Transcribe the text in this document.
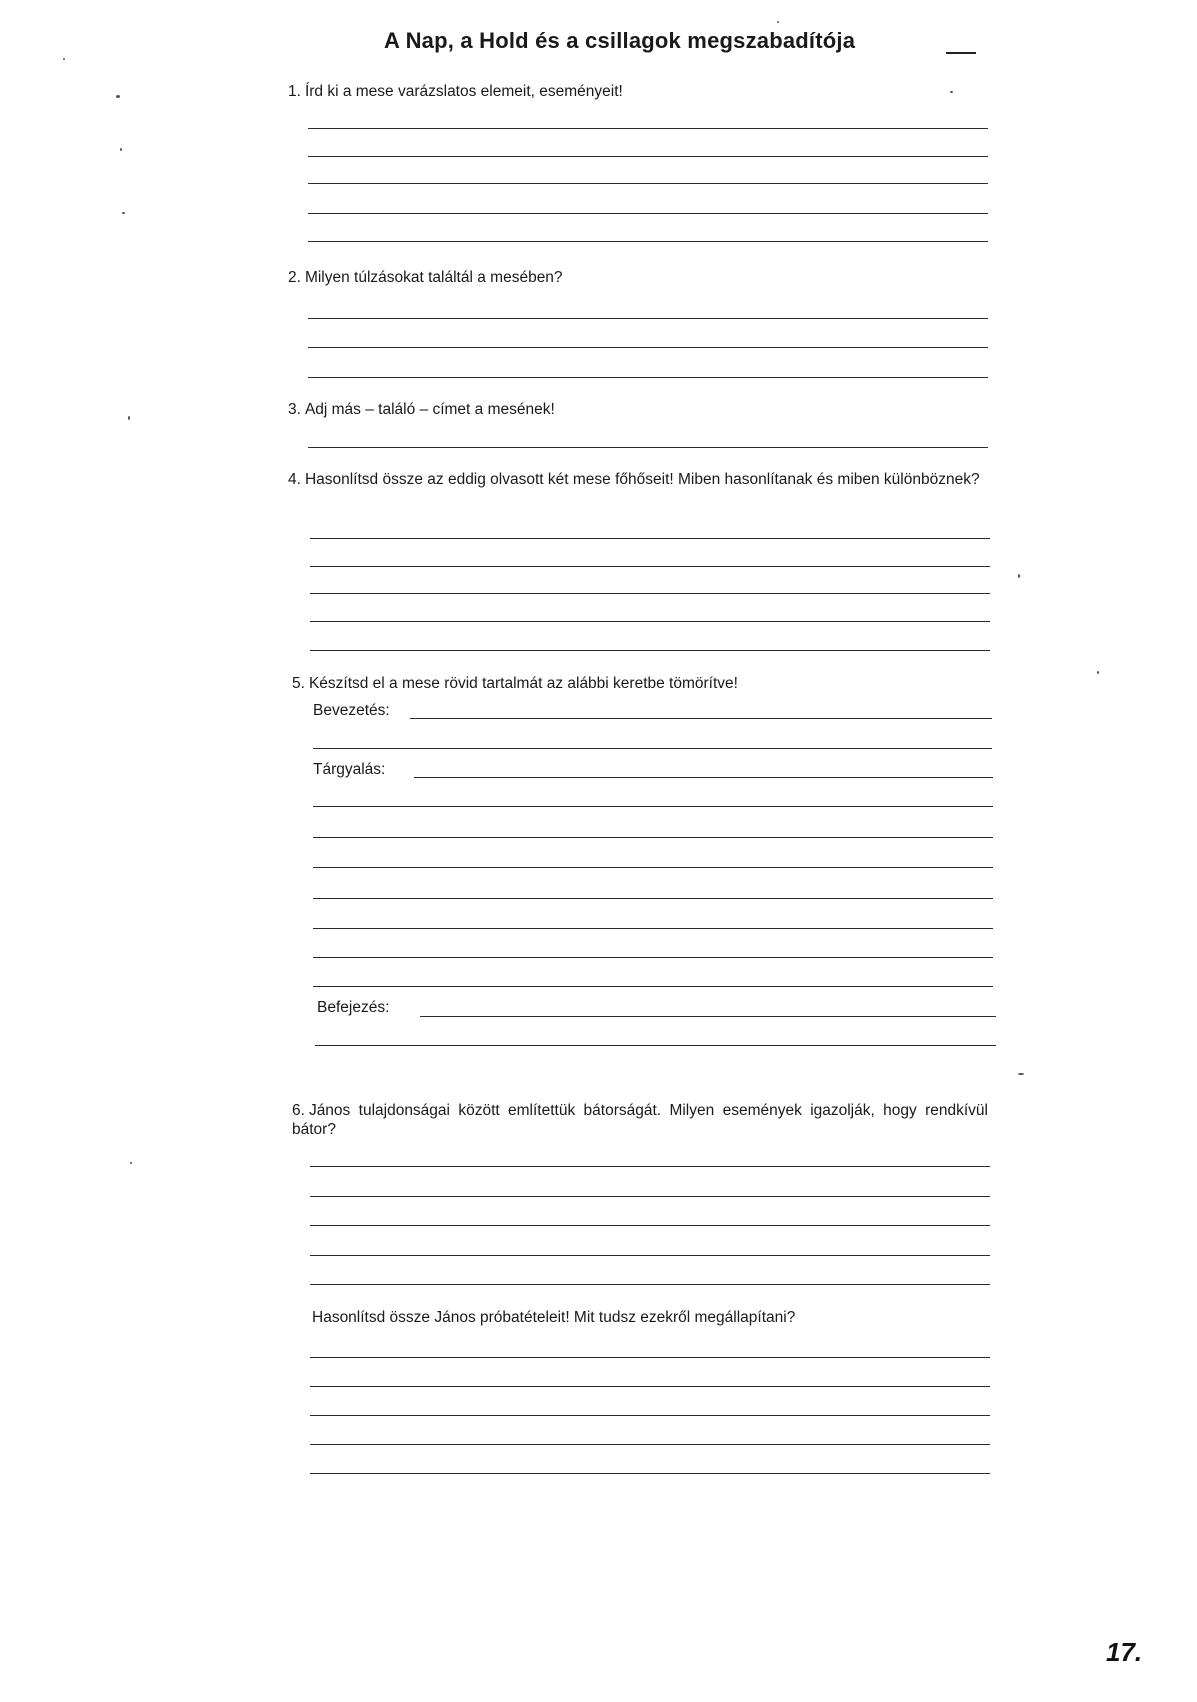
A Nap, a Hold és a csillagok megszabadítója
1. Írd ki a mese varázslatos elemeit, eseményeit!
2. Milyen túlzásokat találtál a mesében?
3. Adj más – találó – címet a mesének!
4. Hasonlítsd össze az eddig olvasott két mese főhőseit! Miben hasonlítanak és miben különböznek?
5. Készítsd el a mese rövid tartalmát az alábbi keretbe tömörítve!
Bevezetés:
Tárgyalás:
Befejezés:
6. János tulajdonságai között említettük bátorságát. Milyen események igazolják, hogy rendkívül bátor?
Hasonlítsd össze János próbatételeit! Mit tudsz ezekről megállapítani?
17.
